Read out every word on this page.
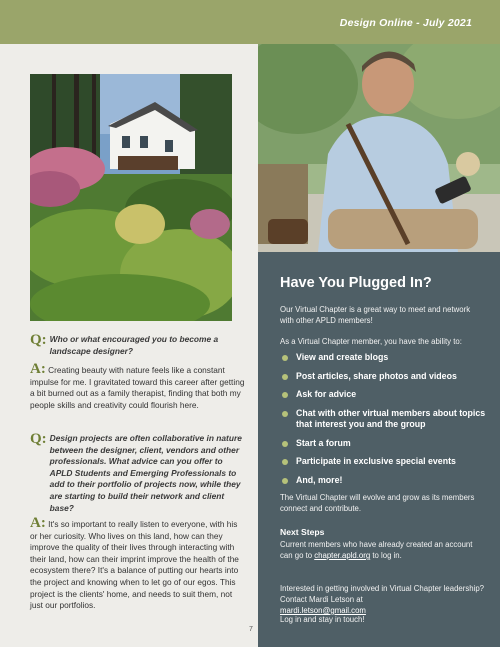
Design Online - July 2021
Q: Who or what encouraged you to become a landscape designer?

A: Creating beauty with nature feels like a constant impulse for me. I gravitated toward this career after getting a bit burned out as a family therapist, finding that both my people skills and creativity could flourish here.

Q: Design projects are often collaborative in nature between the designer, client, vendors and other professionals. What advice can you offer to APLD Students and Emerging Professionals to add to their portfolio of projects now, while they are starting to build their network and client base?

A: It's so important to really listen to everyone, with his or her curiosity. Who lives on this land, how can they improve the quality of their lives through interacting with their land, how can their imprint improve the health of the ecosystem there? It's a balance of putting our hearts into the project and knowing when to let go of our egos. This project is the clients' home, and needs to suit them, not just our portfolios.

7
Have You Plugged In?

Our Virtual Chapter is a great way to meet and network with other APLD members!

As a Virtual Chapter member, you have the ability to:

View and create blogs
Post articles, share photos and videos
Ask for advice
Chat with other virtual members about topics that interest you and the group
Start a forum
Participate in exclusive special events
And, more!

The Virtual Chapter will evolve and grow as its members connect and contribute.

Next Steps

Current members who have already created an account can go to chapter.apld.org to log in.

Interested in getting involved in Virtual Chapter leadership? Contact Mardi Letson at
mardi.letson@gmail.com

Log in and stay in touch!
